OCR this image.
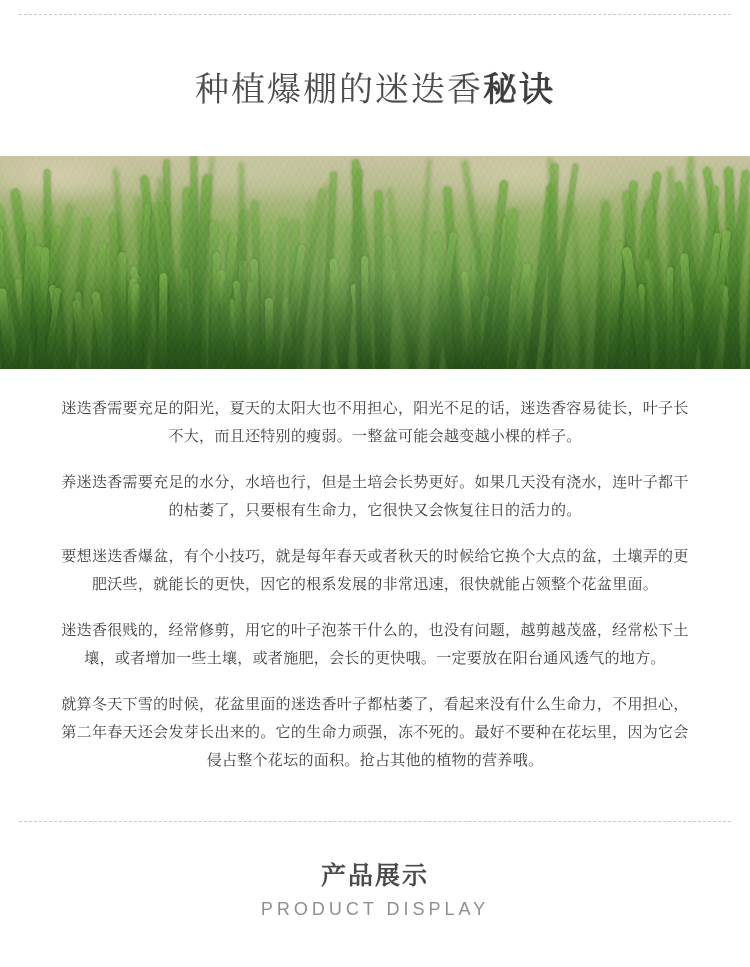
种植爆棚的迷迭香秘诀

迷迭香需要充足的阳光，夏天的太阳大也不用担心，阳光不足的话，迷迭香容易徒长，叶子长不大，而且还特别的瘦弱。一整盆可能会越变越小棵的样子。

养迷迭香需要充足的水分，水培也行，但是土培会长势更好。如果几天没有浇水，连叶子都干的枯萎了，只要根有生命力，它很快又会恢复往日的活力的。

要想迷迭香爆盆，有个小技巧，就是每年春天或者秋天的时候给它换个大点的盆，土壤弄的更肥沃些，就能长的更快，因它的根系发展的非常迅速，很快就能占领整个花盆里面。

迷迭香很贱的，经常修剪，用它的叶子泡茶干什么的，也没有问题，越剪越茂盛，经常松下土壤，或者增加一些土壤，或者施肥，会长的更快哦。一定要放在阳台通风透气的地方。

就算冬天下雪的时候，花盆里面的迷迭香叶子都枯萎了，看起来没有什么生命力，不用担心，第二年春天还会发芽长出来的。它的生命力顽强，冻不死的。最好不要种在花坛里，因为它会侵占整个花坛的面积。抢占其他的植物的营养哦。

产品展示
PRODUCT DISPLAY
